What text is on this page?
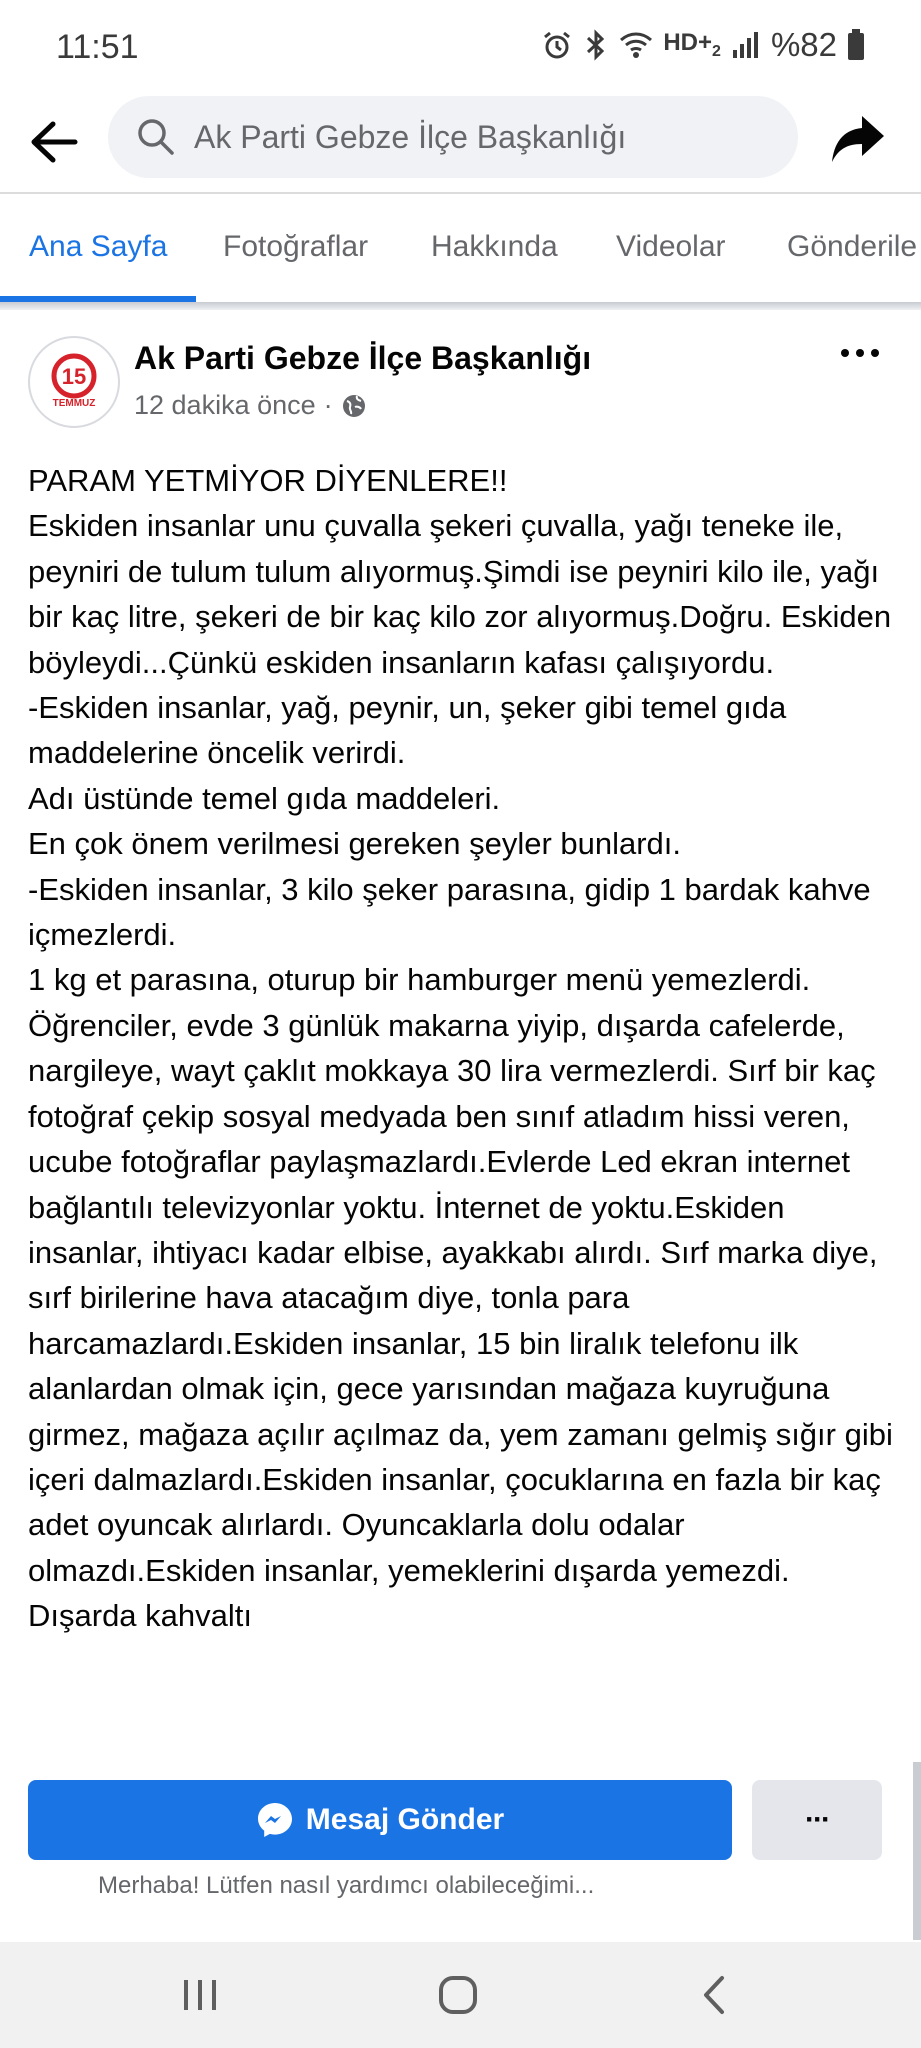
11:51	$HD+_2$ %82
Ak Parti Gebze İlçe Başkanlığı
Ana Sayfa Fotoğraflar Hakkında Videolar Gönderile
15
TEMMUZ
Ak Parti Gebze İlçe Başkanlığı
12 dakika önce ·

PARAM YETMİYOR DİYENLERE!!

Eskiden insanlar unu çuvalla şekeri çuvalla, yağı teneke ile, peyniri de tulum tulum alıyormuş.Şimdi ise peyniri kilo ile, yağı bir kaç litre, şekeri de bir kaç kilo zor alıyormuş.Doğru. Eskiden böyleydi...Çünkü eskiden insanların kafası çalışıyordu.

-Eskiden insanlar, yağ, peynir, un, şeker gibi temel gıda maddelerine öncelik verirdi.

Adı üstünde temel gıda maddeleri.

En çok önem verilmesi gereken şeyler bunlardı.

-Eskiden insanlar, 3 kilo şeker parasına, gidip 1 bardak kahve içmezlerdi.

1 kg et parasına, oturup bir hamburger menü yemezlerdi.

Öğrenciler, evde 3 günlük makarna yiyip, dışarda cafelerde, nargileye, wayt çaklıt mokkaya 30 lira vermezlerdi. Sırf bir kaç fotoğraf çekip sosyal medyada ben sınıf atladım hissi veren, ucube fotoğraflar paylaşmazlardı.Evlerde Led ekran internet bağlantılı televizyonlar yoktu. İnternet de yoktu.Eskiden insanlar, ihtiyacı kadar elbise, ayakkabı alırdı. Sırf marka diye, sırf birilerine hava atacağım diye, tonla para harcamazlardı.Eskiden insanlar, 15 bin liralık telefonu ilk alanlardan olmak için, gece yarısından mağaza kuyruğuna girmez, mağaza açılır açılmaz da, yem zamanı gelmiş sığır gibi içeri dalmazlardı.Eskiden insanlar, çocuklarına en fazla bir kaç adet oyuncak alırlardı. Oyuncaklarla dolu odalar olmazdı.Eskiden insanlar, yemeklerini dışarda yemezdi. Dışarda kahvaltı

Mesaj Gönder	···
Merhaba! Lütfen nasıl yardımcı olabileceğimi...
